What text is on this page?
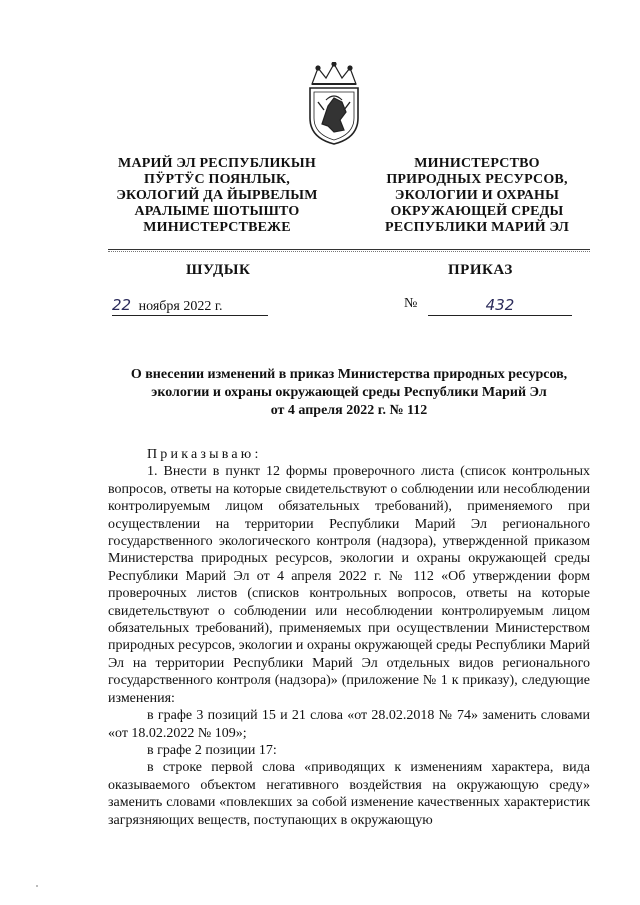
МАРИЙ ЭЛ РЕСПУБЛИКЫН
ПӰРТӰС ПОЯНЛЫК,
ЭКОЛОГИЙ ДА ЙЫРВЕЛЫМ
АРАЛЫМЕ ШОТЫШТО
МИНИСТЕРСТВЕЖЕ
МИНИСТЕРСТВО
ПРИРОДНЫХ РЕСУРСОВ,
ЭКОЛОГИИ И ОХРАНЫ
ОКРУЖАЮЩЕЙ СРЕДЫ
РЕСПУБЛИКИ МАРИЙ ЭЛ
ШУДЫК	ПРИКАЗ
22 ноября 2022 г.	№	432
О внесении изменений в приказ Министерства природных ресурсов,
экологии и охраны окружающей среды Республики Марий Эл
от 4 апреля 2022 г. № 112

Приказываю:

1. Внести в пункт 12 формы проверочного листа (список контрольных вопросов, ответы на которые свидетельствуют о соблюдении или несоблюдении контролируемым лицом обязательных требований), применяемого при осуществлении на территории Республики Марий Эл регионального государственного экологического контроля (надзора), утвержденной приказом Министерства природных ресурсов, экологии и охраны окружающей среды Республики Марий Эл от 4 апреля 2022 г. № 112 «Об утверждении форм проверочных листов (списков контрольных вопросов, ответы на которые свидетельствуют о соблюдении или несоблюдении контролируемым лицом обязательных требований), применяемых при осуществлении Министерством природных ресурсов, экологии и охраны окружающей среды Республики Марий Эл на территории Республики Марий Эл отдельных видов регионального государственного контроля (надзора)» (приложение № 1 к приказу), следующие изменения:

в графе 3 позиций 15 и 21 слова «от 28.02.2018 № 74» заменить словами «от 18.02.2022 № 109»;

в графе 2 позиции 17:

в строке первой слова «приводящих к изменениям характера, вида оказываемого объектом негативного воздействия на окружающую среду» заменить словами «повлекших за собой изменение качественных характеристик загрязняющих веществ, поступающих в окружающую
